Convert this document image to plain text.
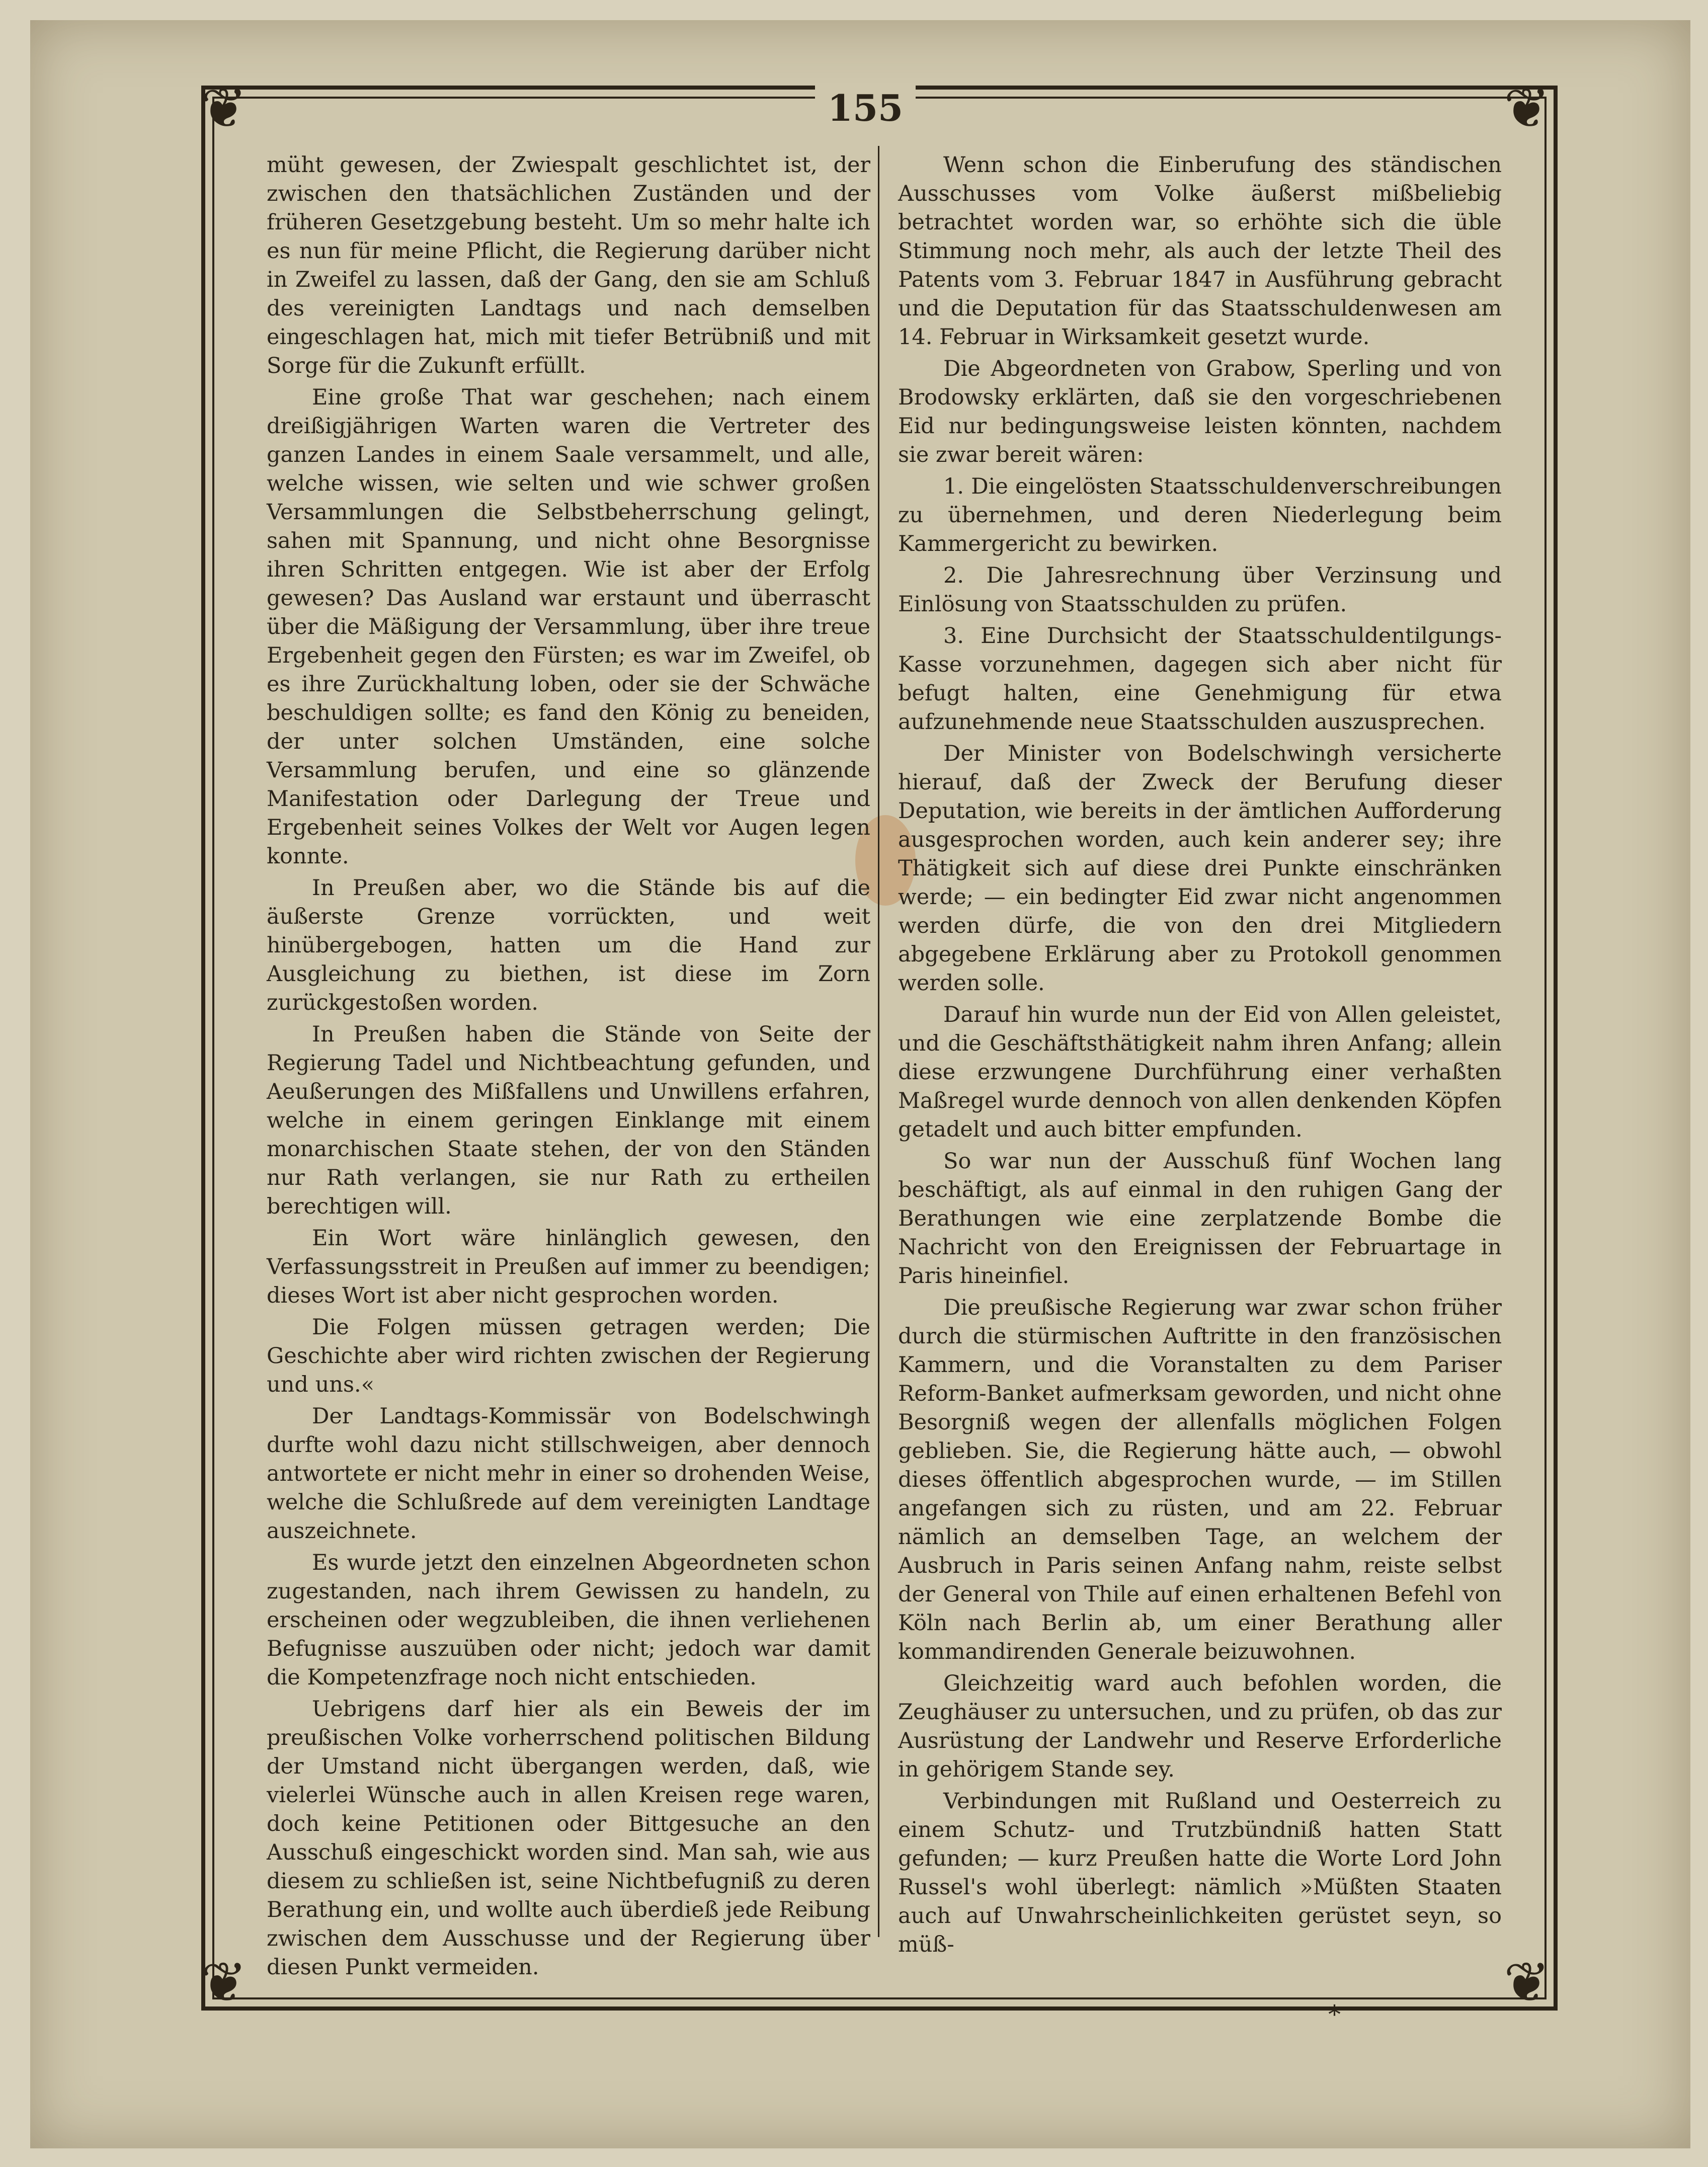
❦	❦
❦	❦
155

müht gewesen, der Zwiespalt geschlichtet ist, der zwischen den thatsächlichen Zuständen und der früheren Gesetzgebung besteht. Um so mehr halte ich es nun für meine Pflicht, die Regierung darüber nicht in Zweifel zu lassen, daß der Gang, den sie am Schluß des vereinigten Landtags und nach demselben eingeschlagen hat, mich mit tiefer Betrübniß und mit Sorge für die Zukunft erfüllt.

Eine große That war geschehen; nach einem dreißigjährigen Warten waren die Vertreter des ganzen Landes in einem Saale versammelt, und alle, welche wissen, wie selten und wie schwer großen Versammlungen die Selbstbeherrschung gelingt, sahen mit Spannung, und nicht ohne Besorgnisse ihren Schritten entgegen. Wie ist aber der Erfolg gewesen? Das Ausland war erstaunt und überrascht über die Mäßigung der Versammlung, über ihre treue Ergebenheit gegen den Fürsten; es war im Zweifel, ob es ihre Zurückhaltung loben, oder sie der Schwäche beschuldigen sollte; es fand den König zu beneiden, der unter solchen Umständen, eine solche Versammlung berufen, und eine so glänzende Manifestation oder Darlegung der Treue und Ergebenheit seines Volkes der Welt vor Augen legen konnte.

In Preußen aber, wo die Stände bis auf die äußerste Grenze vorrückten, und weit hinübergebogen, hatten um die Hand zur Ausgleichung zu biethen, ist diese im Zorn zurückgestoßen worden.

In Preußen haben die Stände von Seite der Regierung Tadel und Nichtbeachtung gefunden, und Aeußerungen des Mißfallens und Unwillens erfahren, welche in einem geringen Einklange mit einem monarchischen Staate stehen, der von den Ständen nur Rath verlangen, sie nur Rath zu ertheilen berechtigen will.

Ein Wort wäre hinlänglich gewesen, den Verfassungsstreit in Preußen auf immer zu beendigen; dieses Wort ist aber nicht gesprochen worden.

Die Folgen müssen getragen werden; Die Geschichte aber wird richten zwischen der Regierung und uns.«

Der Landtags-Kommissär von Bodelschwingh durfte wohl dazu nicht stillschweigen, aber dennoch antwortete er nicht mehr in einer so drohenden Weise, welche die Schlußrede auf dem vereinigten Landtage auszeichnete.

Es wurde jetzt den einzelnen Abgeordneten schon zugestanden, nach ihrem Gewissen zu handeln, zu erscheinen oder wegzubleiben, die ihnen verliehenen Befugnisse auszuüben oder nicht; jedoch war damit die Kompetenzfrage noch nicht entschieden.

Uebrigens darf hier als ein Beweis der im preußischen Volke vorherrschend politischen Bildung der Umstand nicht übergangen werden, daß, wie vielerlei Wünsche auch in allen Kreisen rege waren, doch keine Petitionen oder Bittgesuche an den Ausschuß eingeschickt worden sind. Man sah, wie aus diesem zu schließen ist, seine Nichtbefugniß zu deren Berathung ein, und wollte auch überdieß jede Reibung zwischen dem Ausschusse und der Regierung über diesen Punkt vermeiden.

Wenn schon die Einberufung des ständischen Ausschusses vom Volke äußerst mißbeliebig betrachtet worden war, so erhöhte sich die üble Stimmung noch mehr, als auch der letzte Theil des Patents vom 3. Februar 1847 in Ausführung gebracht und die Deputation für das Staatsschuldenwesen am 14. Februar in Wirksamkeit gesetzt wurde.

Die Abgeordneten von Grabow, Sperling und von Brodowsky erklärten, daß sie den vorgeschriebenen Eid nur bedingungsweise leisten könnten, nachdem sie zwar bereit wären:

1. Die eingelösten Staatsschuldenverschreibungen zu übernehmen, und deren Niederlegung beim Kammergericht zu bewirken.

2. Die Jahresrechnung über Verzinsung und Einlösung von Staatsschulden zu prüfen.

3. Eine Durchsicht der Staatsschuldentilgungs-Kasse vorzunehmen, dagegen sich aber nicht für befugt halten, eine Genehmigung für etwa aufzunehmende neue Staatsschulden auszusprechen.

Der Minister von Bodelschwingh versicherte hierauf, daß der Zweck der Berufung dieser Deputation, wie bereits in der ämtlichen Aufforderung ausgesprochen worden, auch kein anderer sey; ihre Thätigkeit sich auf diese drei Punkte einschränken werde; — ein bedingter Eid zwar nicht angenommen werden dürfe, die von den drei Mitgliedern abgegebene Erklärung aber zu Protokoll genommen werden solle.

Darauf hin wurde nun der Eid von Allen geleistet, und die Geschäftsthätigkeit nahm ihren Anfang; allein diese erzwungene Durchführung einer verhaßten Maßregel wurde dennoch von allen denkenden Köpfen getadelt und auch bitter empfunden.

So war nun der Ausschuß fünf Wochen lang beschäftigt, als auf einmal in den ruhigen Gang der Berathungen wie eine zerplatzende Bombe die Nachricht von den Ereignissen der Februartage in Paris hineinfiel.

Die preußische Regierung war zwar schon früher durch die stürmischen Auftritte in den französischen Kammern, und die Voranstalten zu dem Pariser Reform-Banket aufmerksam geworden, und nicht ohne Besorgniß wegen der allenfalls möglichen Folgen geblieben. Sie, die Regierung hätte auch, — obwohl dieses öffentlich abgesprochen wurde, — im Stillen angefangen sich zu rüsten, und am 22. Februar nämlich an demselben Tage, an welchem der Ausbruch in Paris seinen Anfang nahm, reiste selbst der General von Thile auf einen erhaltenen Befehl von Köln nach Berlin ab, um einer Berathung aller kommandirenden Generale beizuwohnen.

Gleichzeitig ward auch befohlen worden, die Zeughäuser zu untersuchen, und zu prüfen, ob das zur Ausrüstung der Landwehr und Reserve Erforderliche in gehörigem Stande sey.

Verbindungen mit Rußland und Oesterreich zu einem Schutz- und Trutzbündniß hatten Statt gefunden; — kurz Preußen hatte die Worte Lord John Russel's wohl überlegt: nämlich »Müßten Staaten auch auf Unwahrscheinlichkeiten gerüstet seyn, so müß-

*
